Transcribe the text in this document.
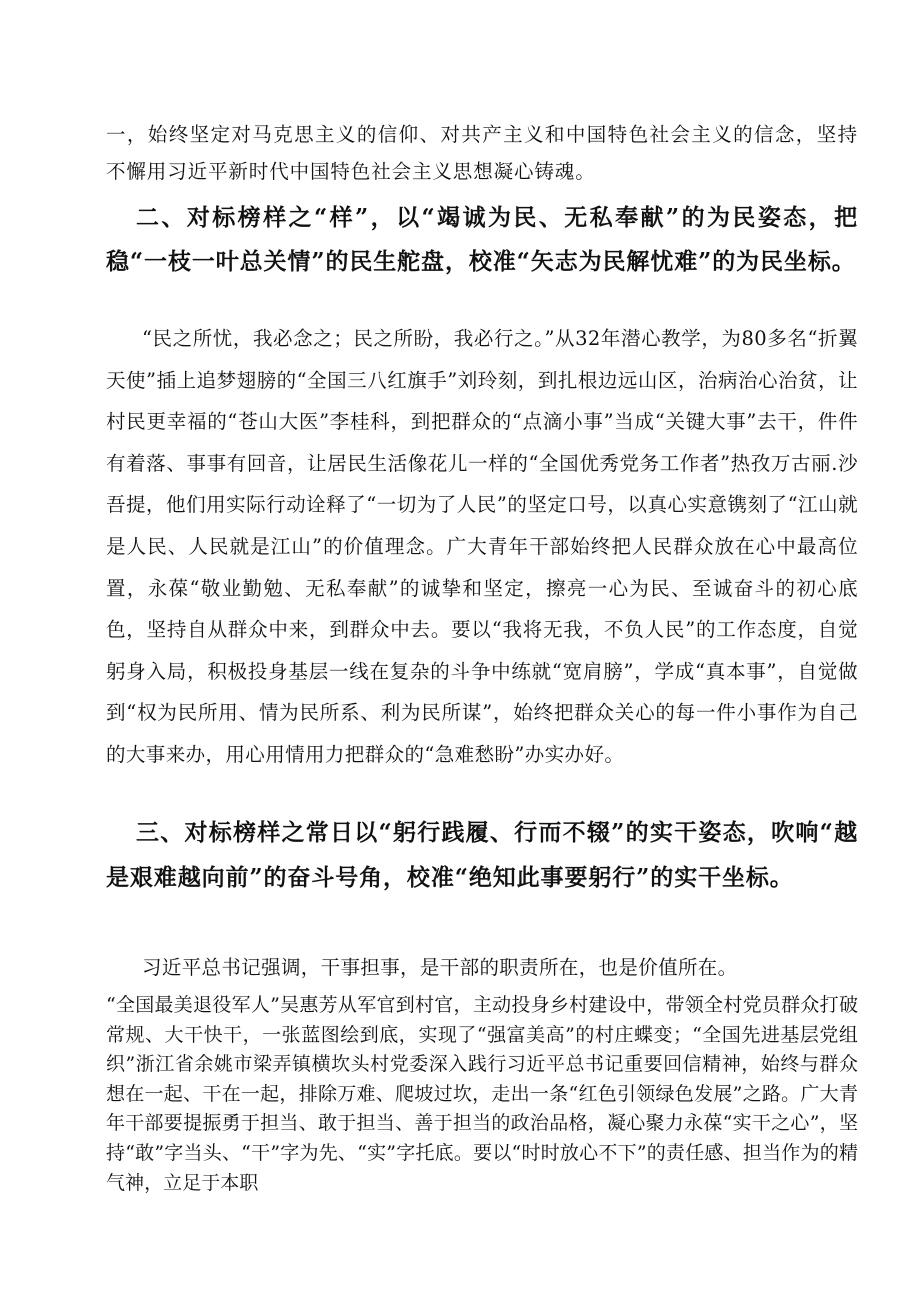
一，始终坚定对马克思主义的信仰、对共产主义和中国特色社会主义的信念，坚持不懈用习近平新时代中国特色社会主义思想凝心铸魂。

二、对标榜样之“样”，以“竭诚为民、无私奉献”的为民姿态，把稳“一枝一叶总关情”的民生舵盘，校准“矢志为民解忧难”的为民坐标。

“民之所忧，我必念之；民之所盼，我必行之。”从32年潜心教学，为80多名“折翼天使”插上追梦翅膀的“全国三八红旗手”刘玲刻，到扎根边远山区，治病治心治贫，让村民更幸福的“苍山大医”李桂科，到把群众的“点滴小事”当成“关键大事”去干，件件有着落、事事有回音，让居民生活像花儿一样的“全国优秀党务工作者”热孜万古丽.沙吾提，他们用实际行动诠释了“一切为了人民”的坚定口号，以真心实意镌刻了“江山就是人民、人民就是江山”的价值理念。广大青年干部始终把人民群众放在心中最高位置，永葆“敬业勤勉、无私奉献”的诚挚和坚定，擦亮一心为民、至诚奋斗的初心底色，坚持自从群众中来，到群众中去。要以“我将无我，不负人民”的工作态度，自觉躬身入局，积极投身基层一线在复杂的斗争中练就“宽肩膀”，学成“真本事”，自觉做到“权为民所用、情为民所系、利为民所谋”，始终把群众关心的每一件小事作为自己的大事来办，用心用情用力把群众的“急难愁盼”办实办好。

三、对标榜样之常日以“躬行践履、行而不辍”的实干姿态，吹响“越是艰难越向前”的奋斗号角，校准“绝知此事要躬行”的实干坐标。

习近平总书记强调，干事担事，是干部的职责所在，也是价值所在。

“全国最美退役军人”吴惠芳从军官到村官，主动投身乡村建设中，带领全村党员群众打破常规、大干快干，一张蓝图绘到底，实现了“强富美高”的村庄蝶变；“全国先进基层党组织”浙江省余姚市梁弄镇横坎头村党委深入践行习近平总书记重要回信精神，始终与群众想在一起、干在一起，排除万难、爬坡过坎，走出一条“红色引领绿色发展”之路。广大青年干部要提振勇于担当、敢于担当、善于担当的政治品格，凝心聚力永葆“实干之心”，坚持“敢”字当头、“干”字为先、“实”字托底。要以“时时放心不下”的责任感、担当作为的精气神，立足于本职
